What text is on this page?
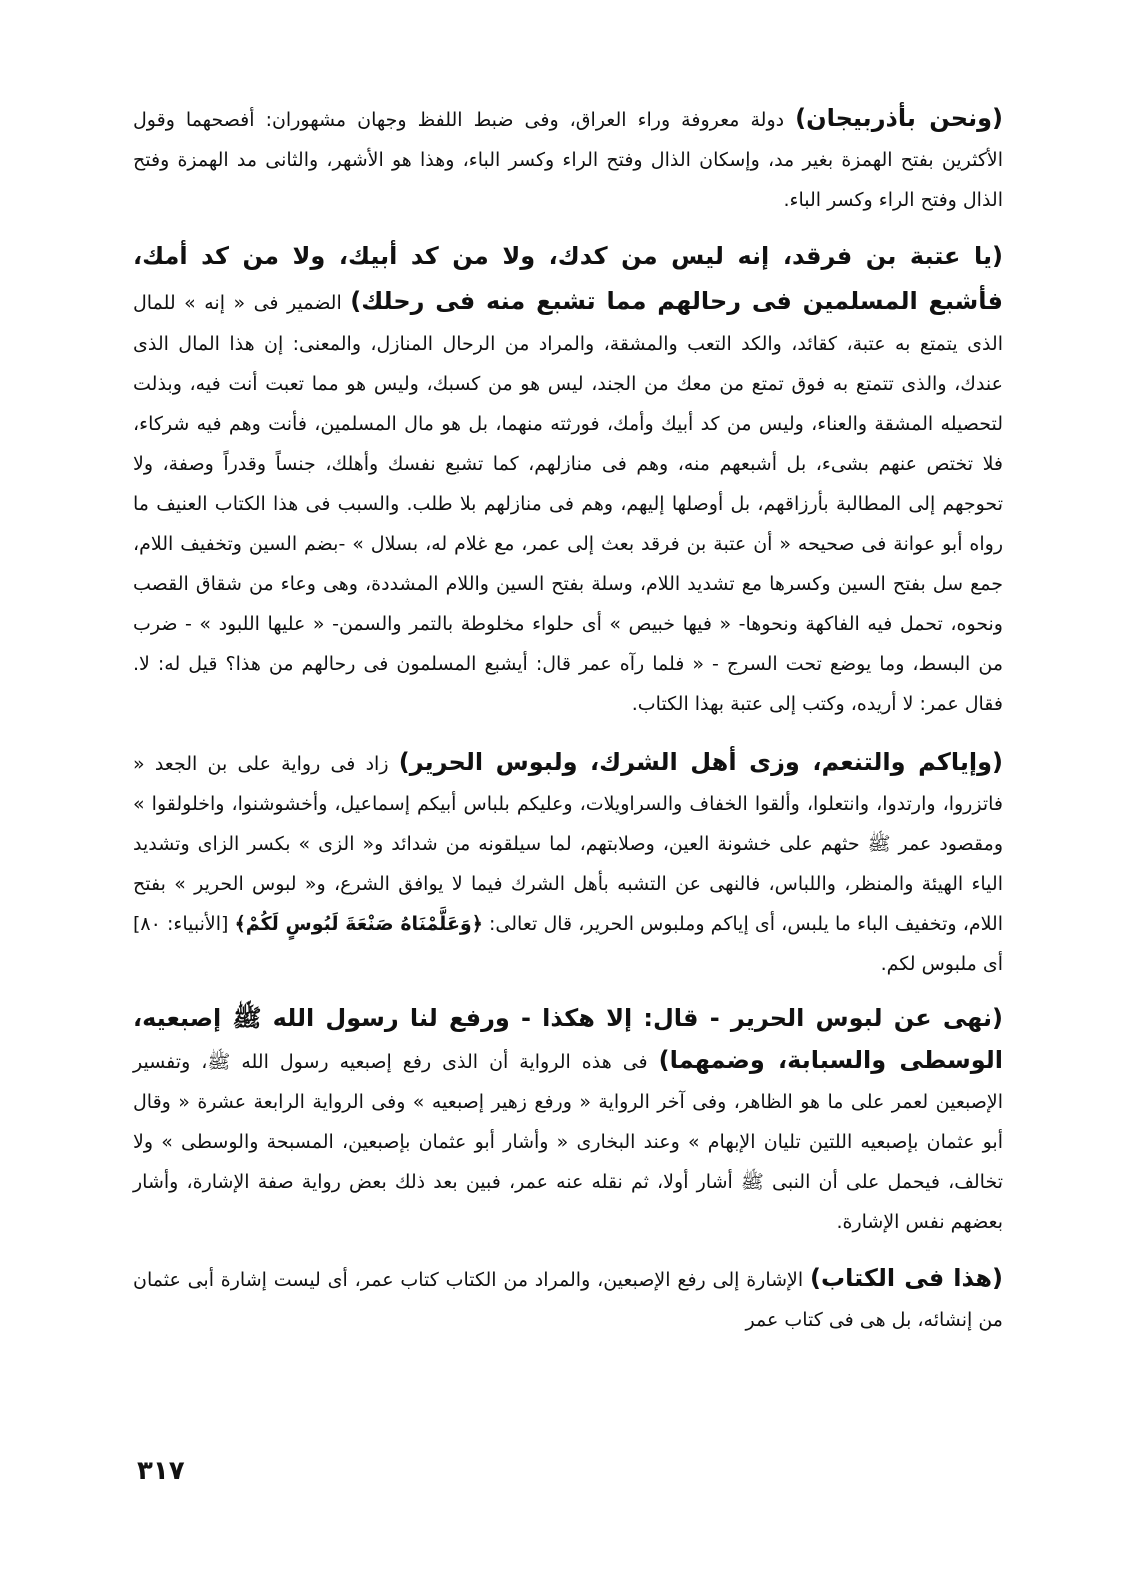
(ونحن بأذربيجان) دولة معروفة وراء العراق، وفى ضبط اللفظ وجهان مشهوران: أفصحهما وقول الأكثرين بفتح الهمزة بغير مد، وإسكان الذال وفتح الراء وكسر الباء، وهذا هو الأشهر، والثانى مد الهمزة وفتح الذال وفتح الراء وكسر الباء.

(يا عتبة بن فرقد، إنه ليس من كدك، ولا من كد أبيك، ولا من كد أمك، فأشبع المسلمين فى رحالهم مما تشبع منه فى رحلك) الضمير فى « إنه » للمال الذى يتمتع به عتبة، كقائد، والكد التعب والمشقة، والمراد من الرحال المنازل، والمعنى: إن هذا المال الذى عندك، والذى تتمتع به فوق تمتع من معك من الجند، ليس هو من كسبك، وليس هو مما تعبت أنت فيه، وبذلت لتحصيله المشقة والعناء، وليس من كد أبيك وأمك، فورثته منهما، بل هو مال المسلمين، فأنت وهم فيه شركاء، فلا تختص عنهم بشىء، بل أشبعهم منه، وهم فى منازلهم، كما تشبع نفسك وأهلك، جنساً وقدراً وصفة، ولا تحوجهم إلى المطالبة بأرزاقهم، بل أوصلها إليهم، وهم فى منازلهم بلا طلب. والسبب فى هذا الكتاب العنيف ما رواه أبو عوانة فى صحيحه « أن عتبة بن فرقد بعث إلى عمر، مع غلام له، بسلال » -بضم السين وتخفيف اللام، جمع سل بفتح السين وكسرها مع تشديد اللام، وسلة بفتح السين واللام المشددة، وهى وعاء من شقاق القصب ونحوه، تحمل فيه الفاكهة ونحوها- « فيها خبيص » أى حلواء مخلوطة بالتمر والسمن- « عليها اللبود » - ضرب من البسط، وما يوضع تحت السرج - « فلما رآه عمر قال: أيشبع المسلمون فى رحالهم من هذا؟ قيل له: لا. فقال عمر: لا أريده، وكتب إلى عتبة بهذا الكتاب.

(وإياكم والتنعم، وزى أهل الشرك، ولبوس الحرير) زاد فى رواية على بن الجعد « فاتزروا، وارتدوا، وانتعلوا، وألقوا الخفاف والسراويلات، وعليكم بلباس أبيكم إسماعيل، وأخشوشنوا، واخلولقوا » ومقصود عمر ﷺ حثهم على خشونة العين، وصلابتهم، لما سيلقونه من شدائد و« الزى » بكسر الزاى وتشديد الياء الهيئة والمنظر، واللباس، فالنهى عن التشبه بأهل الشرك فيما لا يوافق الشرع، و« لبوس الحرير » بفتح اللام، وتخفيف الباء ما يلبس، أى إياكم وملبوس الحرير، قال تعالى: ﴿وَعَلَّمْنَاهُ صَنْعَةَ لَبُوسٍ لَكُمْ﴾ [الأنبياء: ٨٠] أى ملبوس لكم.

(نهى عن لبوس الحرير - قال: إلا هكذا - ورفع لنا رسول الله ﷺ إصبعيه، الوسطى والسبابة، وضمهما) فى هذه الرواية أن الذى رفع إصبعيه رسول الله ﷺ، وتفسير الإصبعين لعمر على ما هو الظاهر، وفى آخر الرواية « ورفع زهير إصبعيه » وفى الرواية الرابعة عشرة « وقال أبو عثمان بإصبعيه اللتين تليان الإبهام » وعند البخارى « وأشار أبو عثمان بإصبعين، المسبحة والوسطى » ولا تخالف، فيحمل على أن النبى ﷺ أشار أولا، ثم نقله عنه عمر، فبين بعد ذلك بعض رواية صفة الإشارة، وأشار بعضهم نفس الإشارة.

(هذا فى الكتاب) الإشارة إلى رفع الإصبعين، والمراد من الكتاب كتاب عمر، أى ليست إشارة أبى عثمان من إنشائه، بل هى فى كتاب عمر

٣١٧
